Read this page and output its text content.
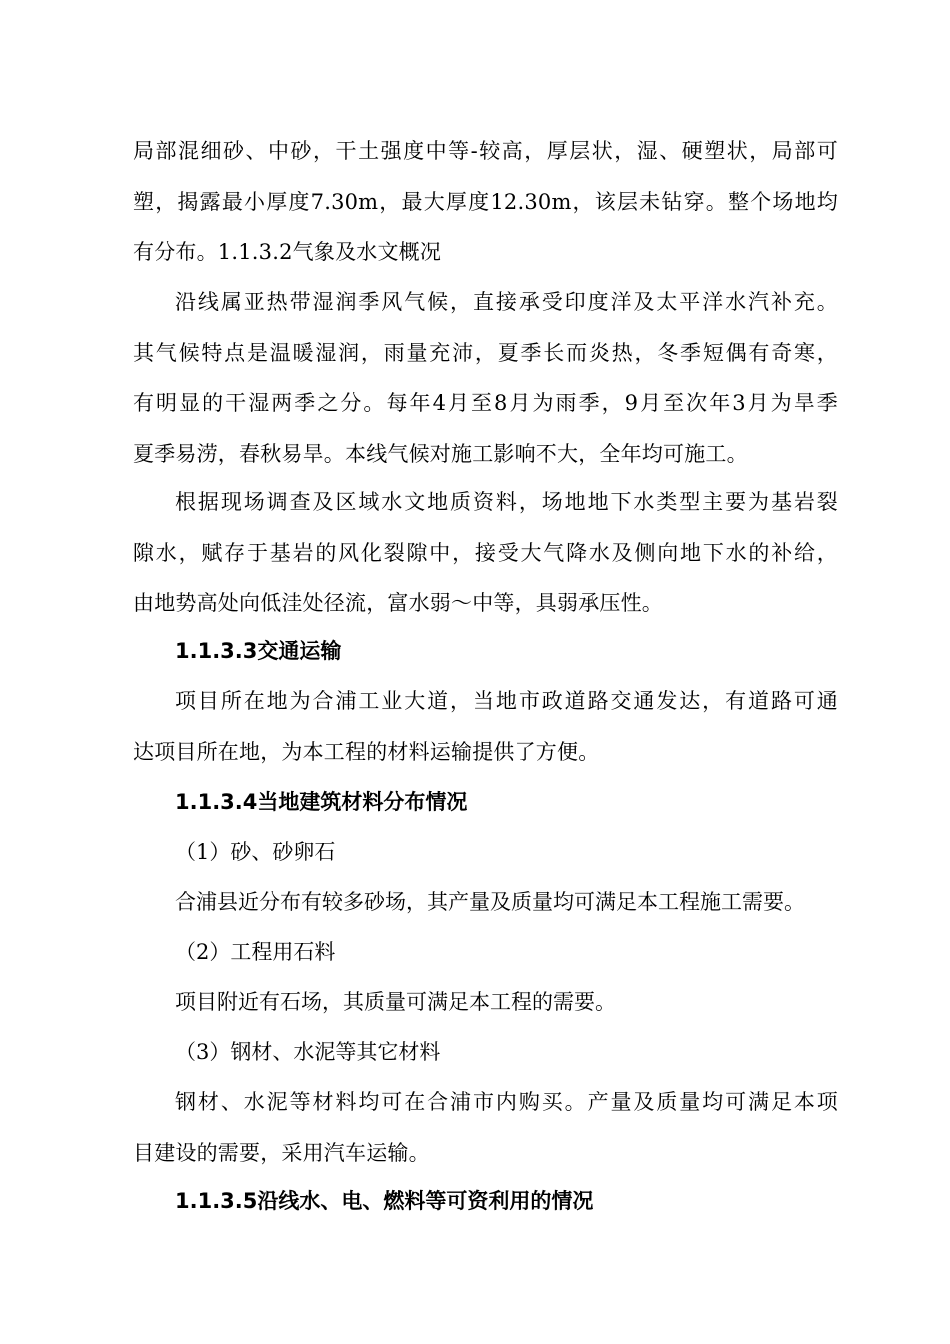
局部混细砂、中砂，干土强度中等-较高，厚层状，湿、硬塑状，局部可
塑，揭露最小厚度7.30m，最大厚度12.30m，该层未钻穿。整个场地均
有分布。1.1.3.2气象及水文概况

沿线属亚热带湿润季风气候，直接承受印度洋及太平洋水汽补充。
其气候特点是温暖湿润，雨量充沛，夏季长而炎热，冬季短偶有奇寒，
有明显的干湿两季之分。每年4月至8月为雨季，9月至次年3月为旱季
夏季易涝，春秋易旱。本线气候对施工影响不大，全年均可施工。

根据现场调查及区域水文地质资料，场地地下水类型主要为基岩裂
隙水，赋存于基岩的风化裂隙中，接受大气降水及侧向地下水的补给，
由地势高处向低洼处径流，富水弱～中等，具弱承压性。

1.1.3.3交通运输

项目所在地为合浦工业大道，当地市政道路交通发达，有道路可通
达项目所在地，为本工程的材料运输提供了方便。

1.1.3.4当地建筑材料分布情况

（1）砂、砂卵石

合浦县近分布有较多砂场，其产量及质量均可满足本工程施工需要。

（2）工程用石料

项目附近有石场，其质量可满足本工程的需要。

（3）钢材、水泥等其它材料

钢材、水泥等材料均可在合浦市内购买。产量及质量均可满足本项
目建设的需要，采用汽车运输。

1.1.3.5沿线水、电、燃料等可资利用的情况
